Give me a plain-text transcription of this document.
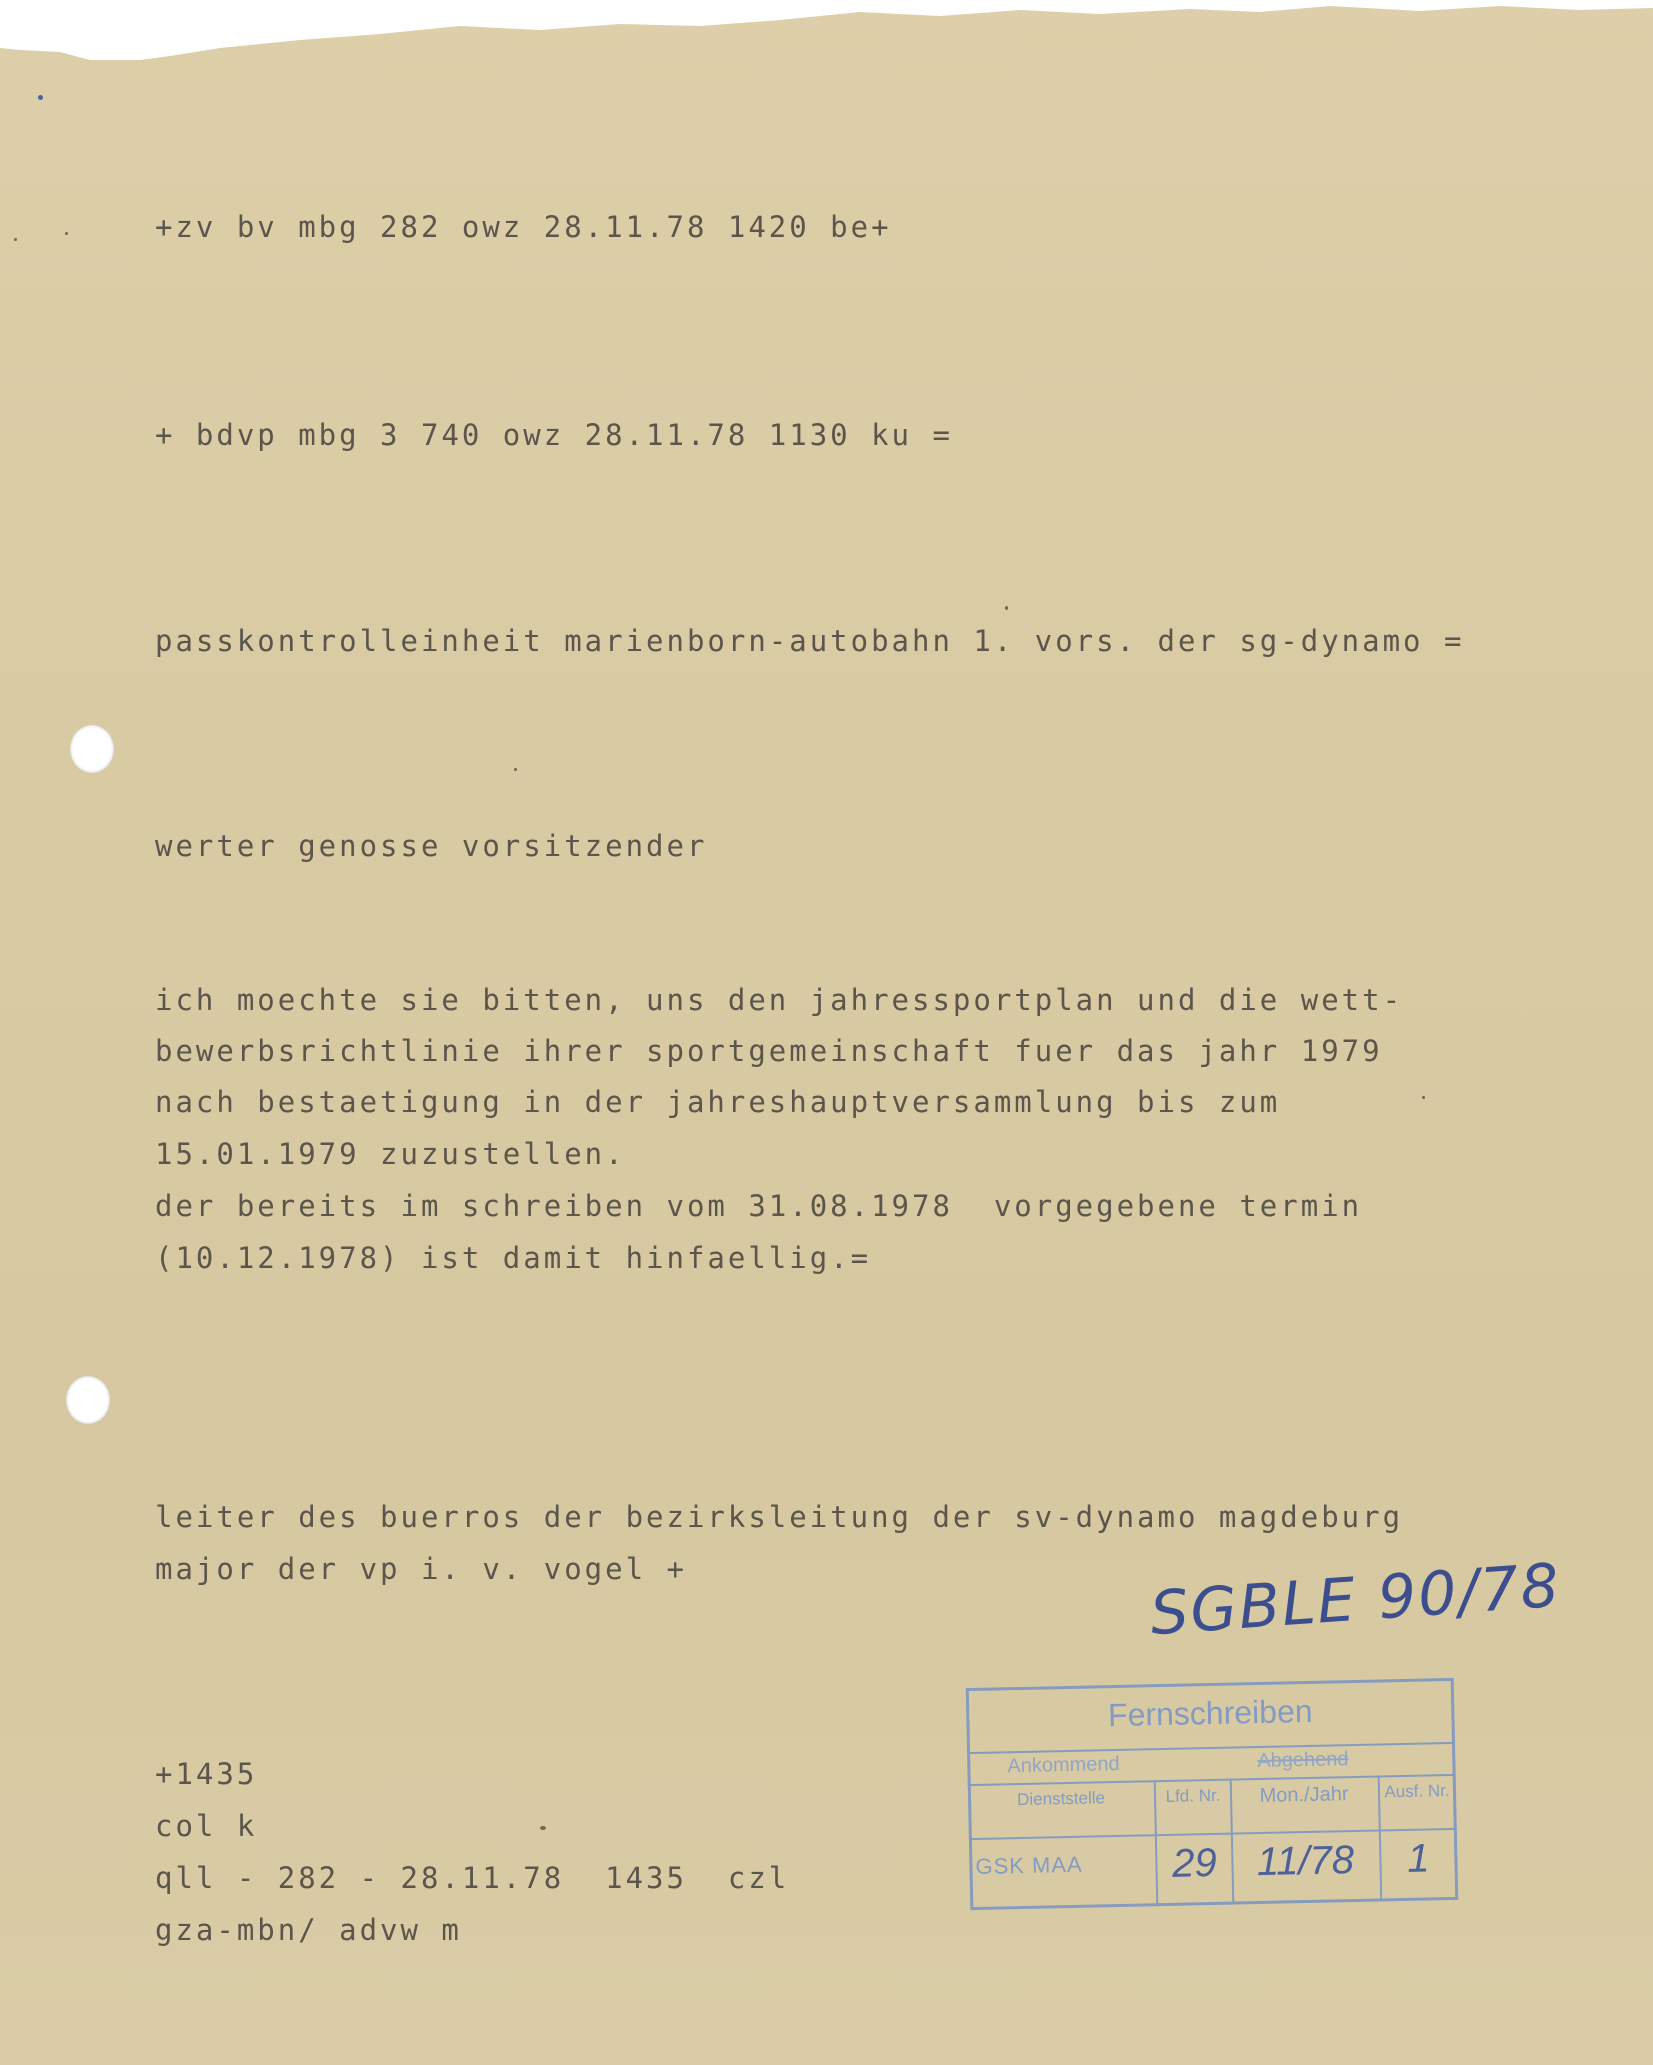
+zv bv mbg 282 owz 28.11.78 1420 be+

+ bdvp mbg 3 740 owz 28.11.78 1130 ku =

passkontrolleinheit marienborn-autobahn 1. vors. der sg-dynamo =

werter genosse vorsitzender

ich moechte sie bitten, uns den jahressportplan und die wett-

bewerbsrichtlinie ihrer sportgemeinschaft fuer das jahr 1979

nach bestaetigung in der jahreshauptversammlung bis zum

15.01.1979 zuzustellen.

der bereits im schreiben vom 31.08.1978  vorgegebene termin

(10.12.1978) ist damit hinfaellig.=

leiter des buerros der bezirksleitung der sv-dynamo magdeburg

major der vp i. v. vogel +

+1435

col k

qll - 282 - 28.11.78  1435  czl

gza-mbn/ advw m

SGBLE 90/78
Fernschreiben
Ankommend	Abgehend
Dienststelle
GSK MAA
Lfd. Nr.
29
Mon./Jahr
11/78
Ausf. Nr.
1
